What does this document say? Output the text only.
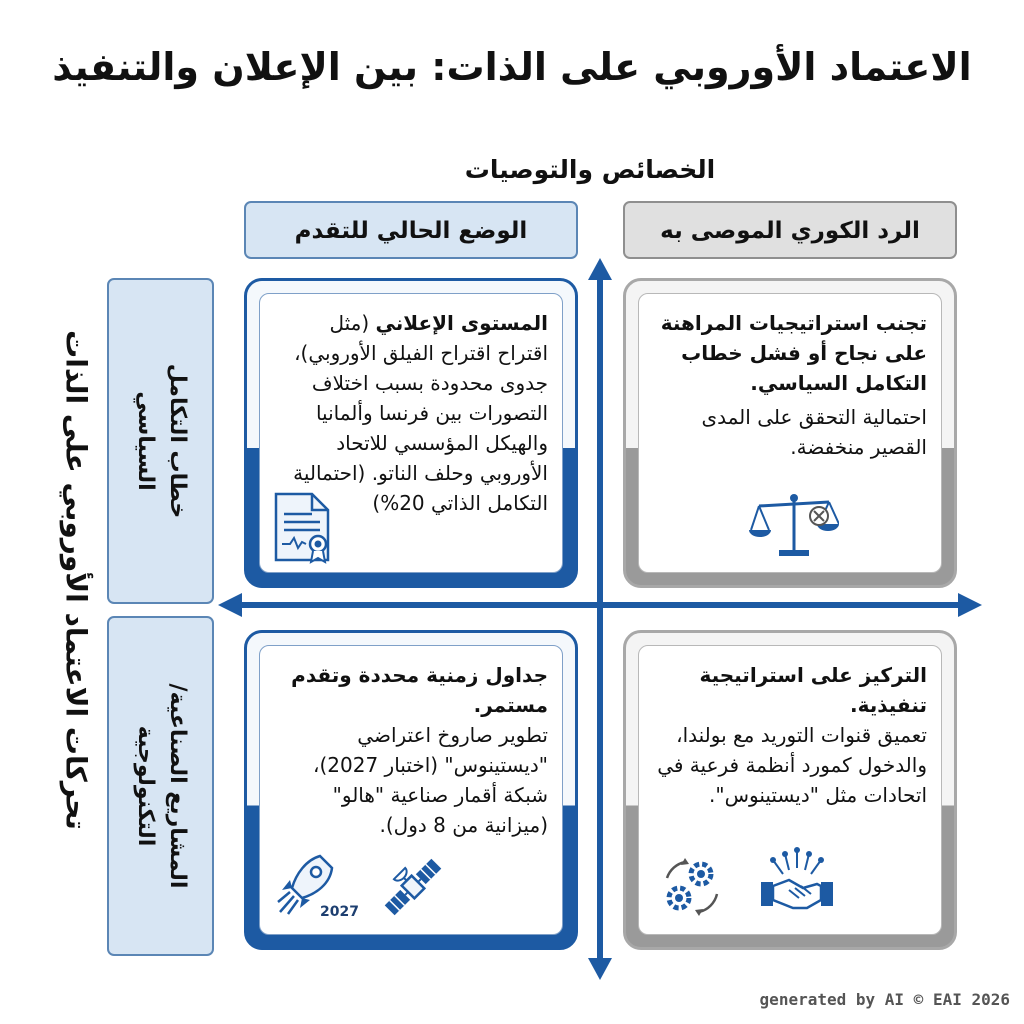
الاعتماد الأوروبي على الذات: بين الإعلان والتنفيذ
الخصائص والتوصيات
الوضع الحالي للتقدم	الرد الكوري الموصى به
تحركات الاعتماد الأوروبي على الذات	خطاب التكامل السياسي
المشاريع الصناعية/التكنولوجية
المستوى الإعلاني (مثل اقتراح اقتراح الفيلق الأوروبي)، جدوى محدودة بسبب اختلاف التصورات بين فرنسا وألمانيا والهيكل المؤسسي للاتحاد الأوروبي وحلف الناتو. (احتمالية التكامل الذاتي 20%)
تجنب استراتيجيات المراهنة على نجاح أو فشل خطاب التكامل السياسي.
احتمالية التحقق على المدى القصير منخفضة.
جداول زمنية محددة وتقدم مستمر.
تطوير صاروخ اعتراضي "ديستينوس" (اختبار 2027)، شبكة أقمار صناعية "هالو" (ميزانية من 8 دول).
2027
التركيز على استراتيجية تنفيذية.
تعميق قنوات التوريد مع بولندا، والدخول كمورد أنظمة فرعية في اتحادات مثل "ديستينوس".
generated by AI © EAI 2026
